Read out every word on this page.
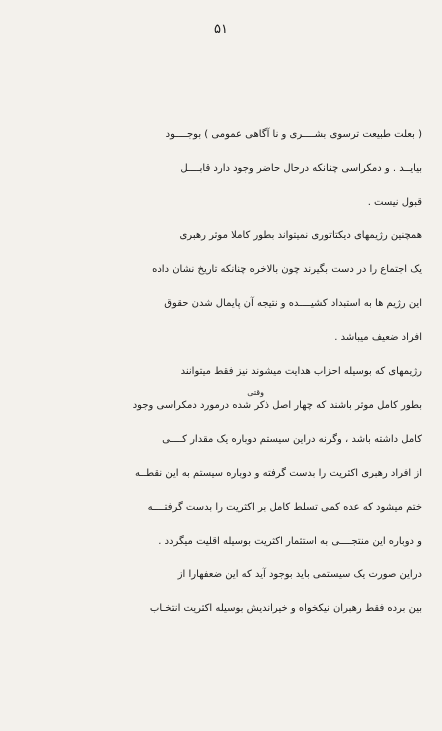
۵۱
وقتی

( بعلت طبیعت ترسوی بشــــری و نا آگاهی عمومی ) بوجــــود
بیایــد . و دمکراسی چنانکه درحال حاضر وجود دارد قابــــل
قبول نیست .

همچنین رژیمهای دیکتاتوری نمیتواند بطور کاملا موثر رهبری
یک اجتماع را در دست بگیرند چون بالاخره چنانکه تاریخ نشان داده
این رژیم ها به استبداد کشیــــده و نتیجه آن پایمال شدن حقوق
افراد ضعیف میباشد .

رژیمهای که بوسیله احزاب هدایت میشوند نیز فقط میتوانند
بطور کامل موثر باشند که چهار اصل ذکر شده درمورد دمکراسی وجود
کامل داشته باشد ، وگرنه دراین سیستم دوباره یک مقدار کــــی
از افراد رهبری اکثریت را بدست گرفته و دوباره سیستم به این نقطــه
ختم میشود که عده کمی تسلط کامل بر اکثریت را بدست گرفتــــه
و دوباره این منتجــــی به استثمار اکثریت بوسیله اقلیت میگردد .

دراین صورت یک سیستمی باید بوجود آید که این ضعفهارا از
بین برده فقط رهبران نیکخواه و خیراندیش بوسیله اکثریت انتخـاب
